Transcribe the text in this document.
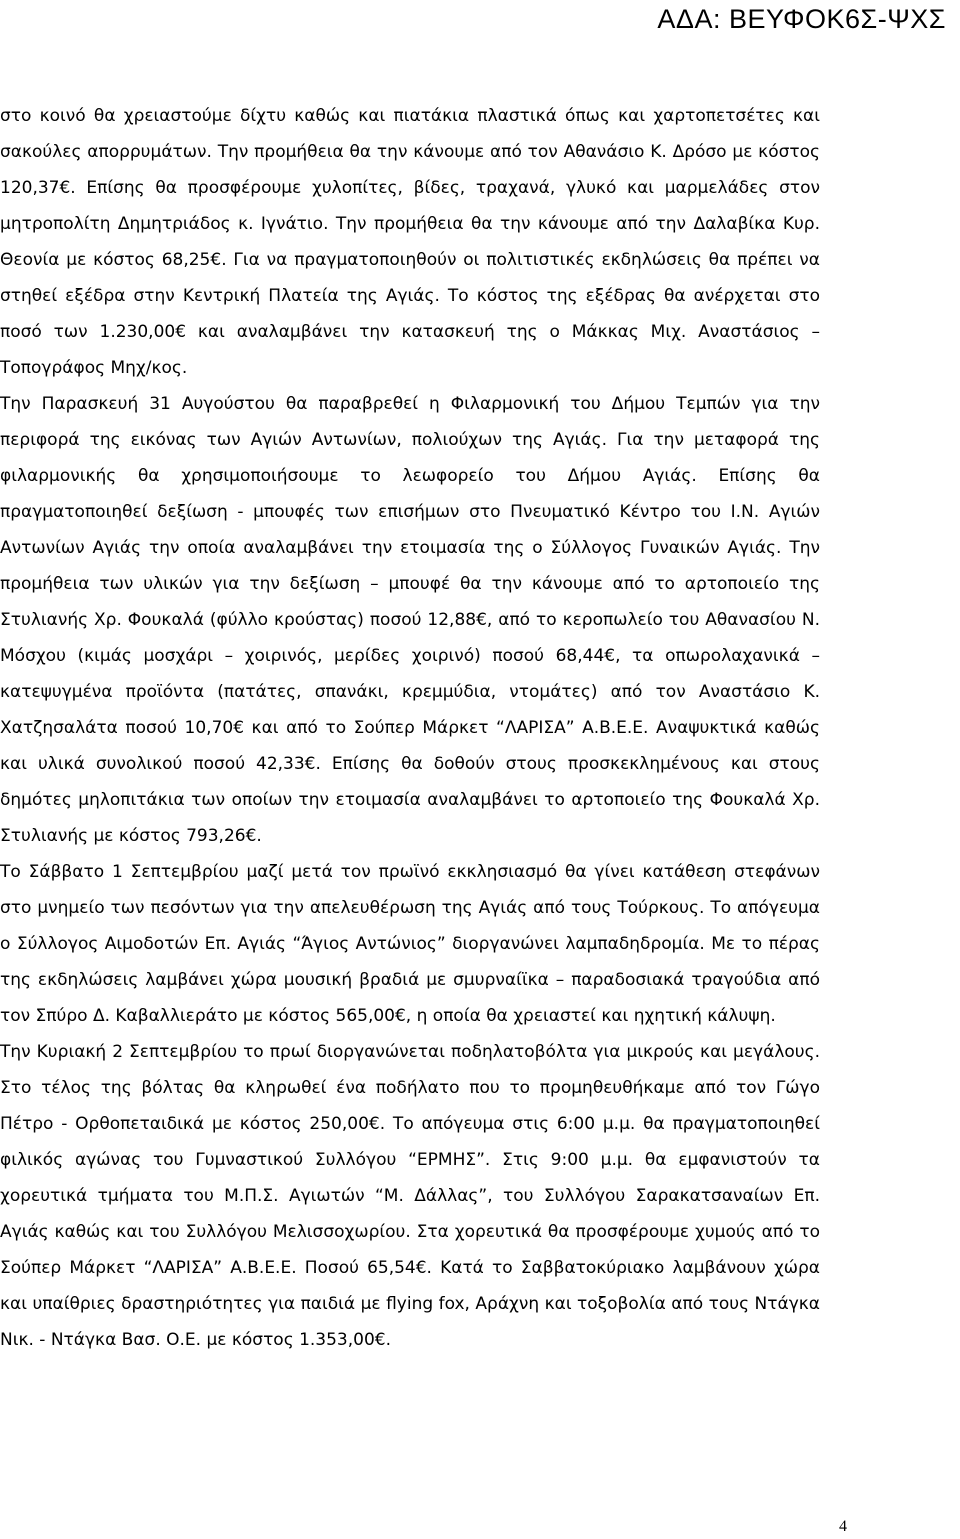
ΑΔΑ: ΒΕΥΦΟΚ6Σ-ΨΧΣ

στο κοινό θα χρειαστούμε δίχτυ καθώς και πιατάκια πλαστικά όπως και χαρτοπετσέτες και σακούλες απορρυμάτων. Την προμήθεια θα την κάνουμε από τον Αθανάσιο Κ. Δρόσο με κόστος 120,37€. Επίσης θα προσφέρουμε χυλοπίτες, βίδες, τραχανά, γλυκό και μαρμελάδες στον μητροπολίτη Δημητριάδος κ. Ιγνάτιο. Την προμήθεια θα την κάνουμε από την Δαλαβίκα Κυρ. Θεονία με κόστος 68,25€. Για να πραγματοποιηθούν οι πολιτιστικές εκδηλώσεις θα πρέπει να στηθεί εξέδρα στην Κεντρική Πλατεία της Αγιάς. Το κόστος της εξέδρας θα ανέρχεται στο ποσό των 1.230,00€ και αναλαμβάνει την κατασκευή της ο Μάκκας Μιχ. Αναστάσιος – Τοπογράφος Μηχ/κος.

Την Παρασκευή 31 Αυγούστου θα παραβρεθεί η Φιλαρμονική του Δήμου Τεμπών για την περιφορά της εικόνας των Αγιών Αντωνίων, πολιούχων της Αγιάς. Για την μεταφορά της φιλαρμονικής θα χρησιμοποιήσουμε το λεωφορείο του Δήμου Αγιάς. Επίσης θα πραγματοποιηθεί δεξίωση - μπουφές των επισήμων στο Πνευματικό Κέντρο του Ι.Ν. Αγιών Αντωνίων Αγιάς την οποία αναλαμβάνει την ετοιμασία της ο Σύλλογος Γυναικών Αγιάς. Την προμήθεια των υλικών για την δεξίωση – μπουφέ θα την κάνουμε από το αρτοποιείο της Στυλιανής Χρ. Φουκαλά (φύλλο κρούστας) ποσού 12,88€, από το κερoπωλείο του Αθανασίου Ν. Μόσχου (κιμάς μοσχάρι – χοιρινός, μερίδες χοιρινό) ποσού 68,44€, τα οπωρολαχανικά – κατεψυγμένα προϊόντα (πατάτες, σπανάκι, κρεμμύδια, ντομάτες) από τον Αναστάσιο Κ. Χατζησαλάτα ποσού 10,70€ και από το Σούπερ Μάρκετ “ΛΑΡΙΣΑ” Α.Β.Ε.Ε. Αναψυκτικά καθώς και υλικά συνολικού ποσού 42,33€. Επίσης θα δοθούν στους προσκεκλημένους και στους δημότες μηλοπιτάκια των οποίων την ετοιμασία αναλαμβάνει το αρτοποιείο της Φουκαλά Χρ. Στυλιανής με κόστος 793,26€.

Το Σάββατο 1 Σεπτεμβρίου μαζί μετά τον πρωϊνό εκκλησιασμό θα γίνει κατάθεση στεφάνων στο μνημείο των πεσόντων για την απελευθέρωση της Αγιάς από τους Τούρκους. Το απόγευμα ο Σύλλογος Αιμοδοτών Επ. Αγιάς “Άγιος Αντώνιος” διοργανώνει λαμπαδηδρομία. Με το πέρας της εκδηλώσεις λαμβάνει χώρα μουσική βραδιά με σμυρναίϊκα – παραδοσιακά τραγούδια από τον Σπύρο Δ. Καβαλλιεράτο με κόστος 565,00€, η οποία θα χρειαστεί και ηχητική κάλυψη.

Την Κυριακή 2 Σεπτεμβρίου το πρωί διοργανώνεται ποδηλατοβόλτα για μικρούς και μεγάλους. Στο τέλος της βόλτας θα κληρωθεί ένα ποδήλατο που το προμηθευθήκαμε από τον Γώγο Πέτρο - Ορθοπεταιδικά με κόστος 250,00€. Το απόγευμα στις 6:00 μ.μ. θα πραγματοποιηθεί φιλικός αγώνας του Γυμναστικού Συλλόγου “ΕΡΜΗΣ”. Στις 9:00 μ.μ. θα εμφανιστούν τα χορευτικά τμήματα του Μ.Π.Σ. Αγιωτών “Μ. Δάλλας”, του Συλλόγου Σαρακατσαναίων Επ. Αγιάς καθώς και του Συλλόγου Μελισσοχωρίου. Στα χορευτικά θα προσφέρουμε χυμούς από το Σούπερ Μάρκετ “ΛΑΡΙΣΑ” Α.Β.Ε.Ε. Ποσού 65,54€. Κατά το Σαββατοκύριακο λαμβάνουν χώρα και υπαίθριες δραστηριότητες για παιδιά με flying fox, Αράχνη και τοξοβολία από τους Ντάγκα Νικ. - Ντάγκα Βασ. Ο.Ε. με κόστος 1.353,00€.

4
